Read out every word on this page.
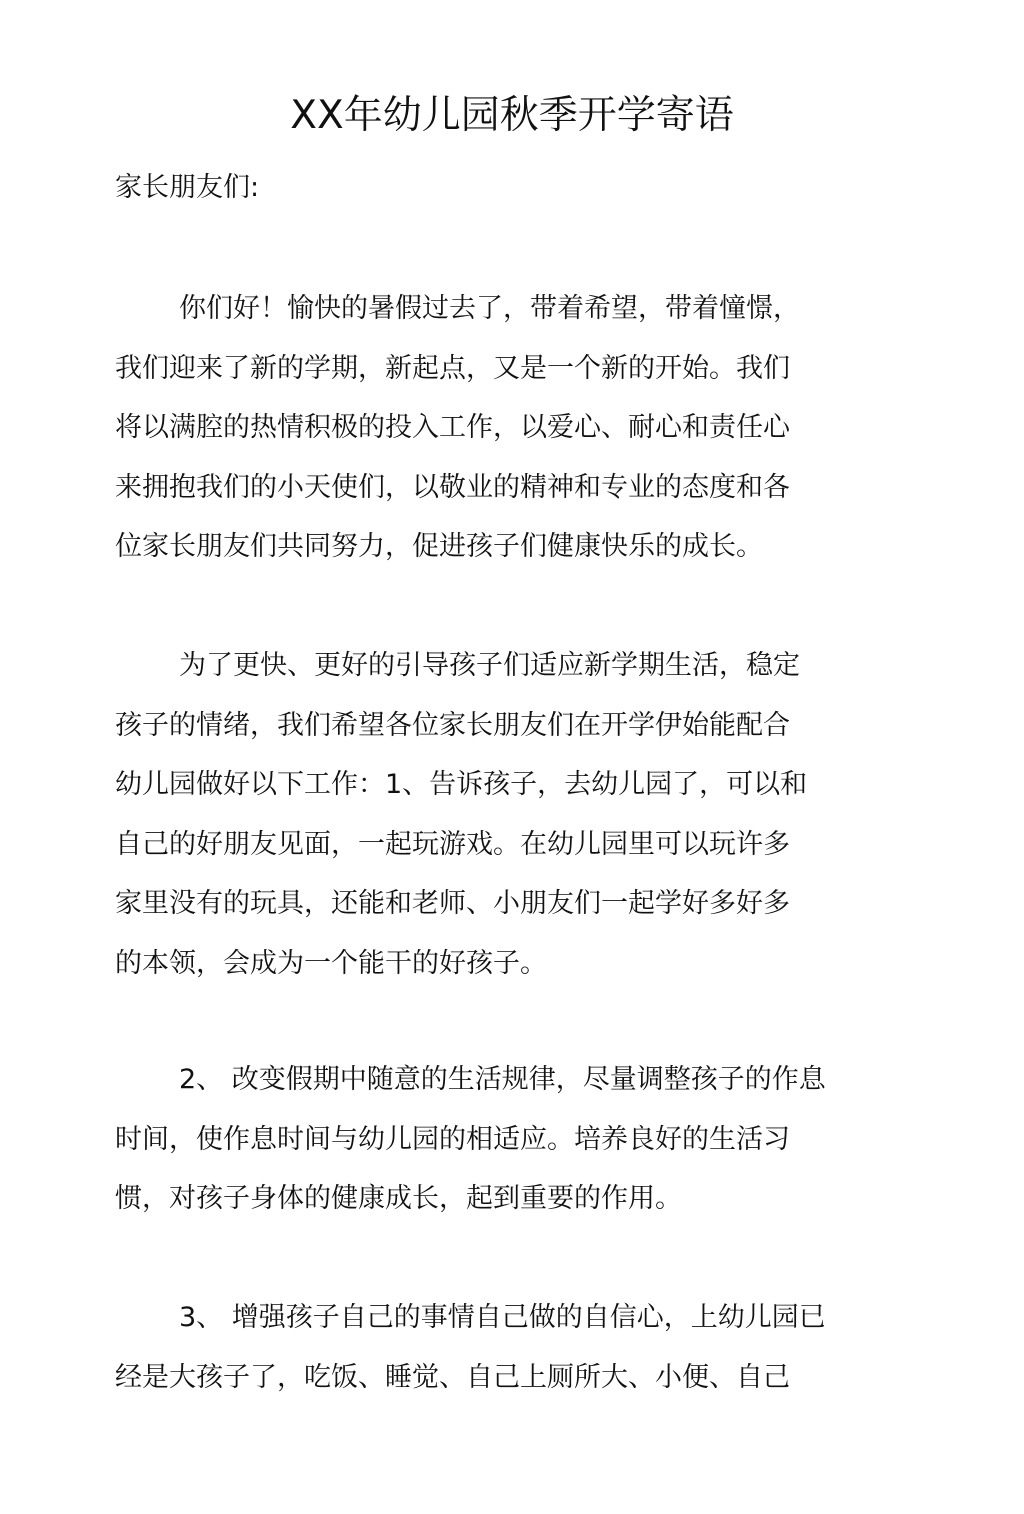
XX年幼儿园秋季开学寄语

家长朋友们:

你们好！愉快的暑假过去了，带着希望，带着憧憬，
我们迎来了新的学期，新起点，又是一个新的开始。我们
将以满腔的热情积极的投入工作，以爱心、耐心和责任心
来拥抱我们的小天使们，以敬业的精神和专业的态度和各
位家长朋友们共同努力，促进孩子们健康快乐的成长。
为了更快、更好的引导孩子们适应新学期生活，稳定
孩子的情绪，我们希望各位家长朋友们在开学伊始能配合
幼儿园做好以下工作：1、告诉孩子，去幼儿园了，可以和
自己的好朋友见面，一起玩游戏。在幼儿园里可以玩许多
家里没有的玩具，还能和老师、小朋友们一起学好多好多
的本领，会成为一个能干的好孩子。
2、 改变假期中随意的生活规律，尽量调整孩子的作息
时间，使作息时间与幼儿园的相适应。培养良好的生活习
惯，对孩子身体的健康成长，起到重要的作用。
3、 增强孩子自己的事情自己做的自信心，上幼儿园已
经是大孩子了，吃饭、睡觉、自己上厕所大、小便、自己
